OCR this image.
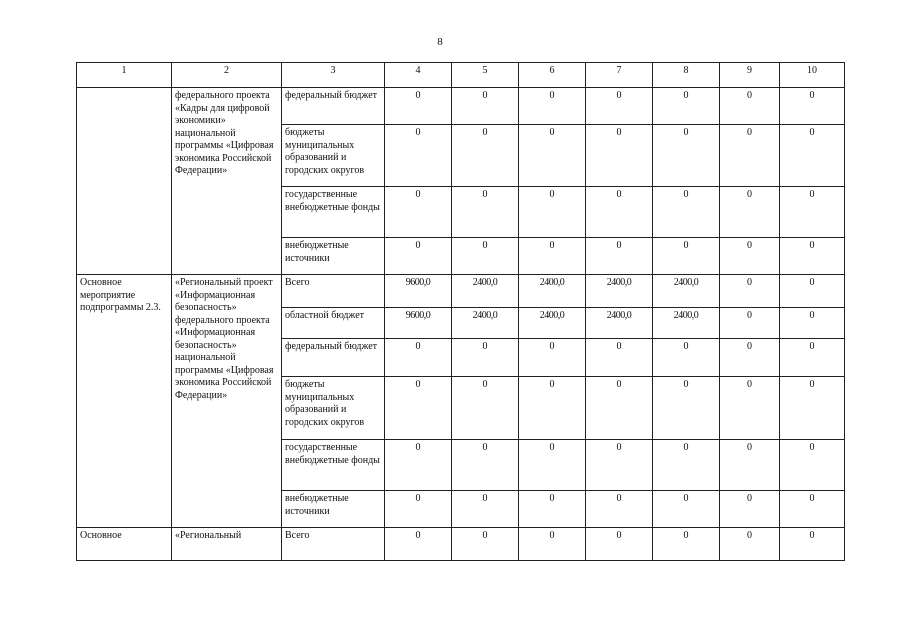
8
1	2	3	4	5	6	7	8	9	10
	федерального проекта «Кадры для цифровой экономики» национальной программы «Цифровая экономика Российской Федерации»	федеральный бюджет	0	0	0	0	0	0	0
		бюджеты муниципальных образований и городских округов	0	0	0	0	0	0	0
		государственные внебюджетные фонды	0	0	0	0	0	0	0
		внебюджетные источники	0	0	0	0	0	0	0
Основное мероприятие подпрограммы 2.3.	«Региональный проект «Информационная безопасность» федерального проекта «Информационная безопасность» национальной программы «Цифровая экономика Российской Федерации»	Всего	9600,0	2400,0	2400,0	2400,0	2400,0	0	0
		областной бюджет	9600,0	2400,0	2400,0	2400,0	2400,0	0	0
		федеральный бюджет	0	0	0	0	0	0	0
		бюджеты муниципальных образований и городских округов	0	0	0	0	0	0	0
		государственные внебюджетные фонды	0	0	0	0	0	0	0
		внебюджетные источники	0	0	0	0	0	0	0
Основное	«Региональный	Всего	0	0	0	0	0	0	0
